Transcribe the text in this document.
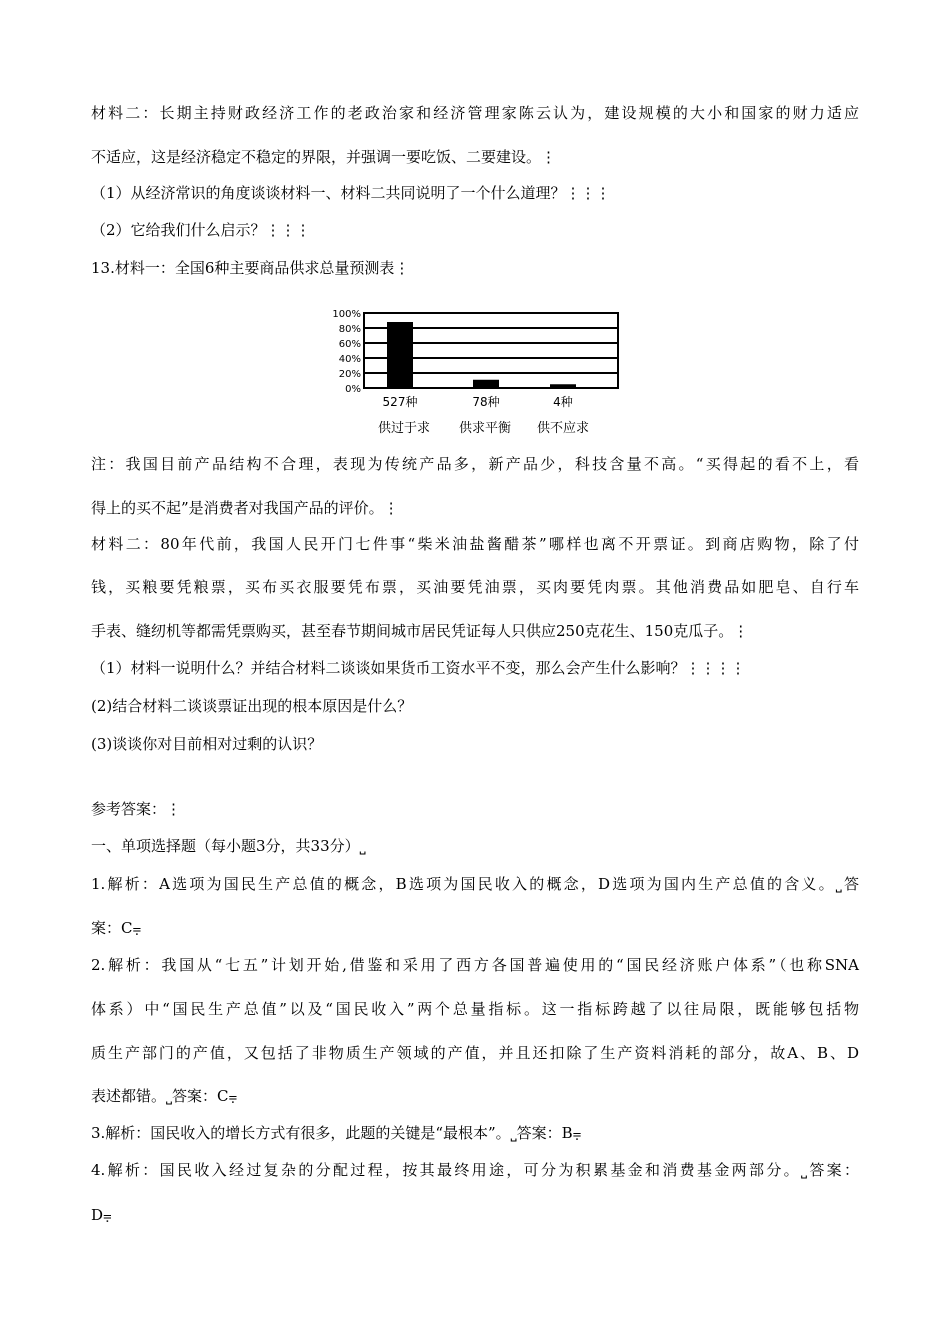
材料二：长期主持财政经济工作的老政治家和经济管理家陈云认为，建设规模的大小和国家的财力适应
不适应，这是经济稳定不稳定的界限，并强调一要吃饭、二要建设。⋮
（1）从经济常识的角度谈谈材料一、材料二共同说明了一个什么道理？⋮⋮⋮
（2）它给我们什么启示？⋮⋮⋮
13.材料一：全国6种主要商品供求总量预测表⋮
注：我国目前产品结构不合理，表现为传统产品多，新产品少，科技含量不高。“买得起的看不上，看
得上的买不起”是消费者对我国产品的评价。⋮
材料二：80年代前，我国人民开门七件事“柴米油盐酱醋茶”哪样也离不开票证。到商店购物，除了付
钱，买粮要凭粮票，买布买衣服要凭布票，买油要凭油票，买肉要凭肉票。其他消费品如肥皂、自行车
手表、缝纫机等都需凭票购买，甚至春节期间城市居民凭证每人只供应250克花生、150克瓜子。⋮
（1）材料一说明什么？并结合材料二谈谈如果货币工资水平不变，那么会产生什么影响？⋮⋮⋮⋮
(2)结合材料二谈谈票证出现的根本原因是什么？
(3)谈谈你对目前相对过剩的认识？
参考答案：⋮
一、单项选择题（每小题3分，共33分）⎵
1.解析：A选项为国民生产总值的概念，B选项为国民收入的概念，D选项为国内生产总值的含义。⎵答
案：C⩦
2.解析：我国从“七五”计划开始,借鉴和采用了西方各国普遍使用的“国民经济账户体系”（也称SNA
体系）中“国民生产总值”以及“国民收入”两个总量指标。这一指标跨越了以往局限，既能够包括物
质生产部门的产值，又包括了非物质生产领域的产值，并且还扣除了生产资料消耗的部分，故A、B、D
表述都错。⎵答案：C⩦
3.解析：国民收入的增长方式有很多，此题的关键是“最根本”。⎵答案：B⩦
4.解析：国民收入经过复杂的分配过程，按其最终用途，可分为积累基金和消费基金两部分。⎵答案：
D⩦
100%
80%
60%
40%
20%
0%
527种	78种	4种
供过于求 供求平衡 供不应求
